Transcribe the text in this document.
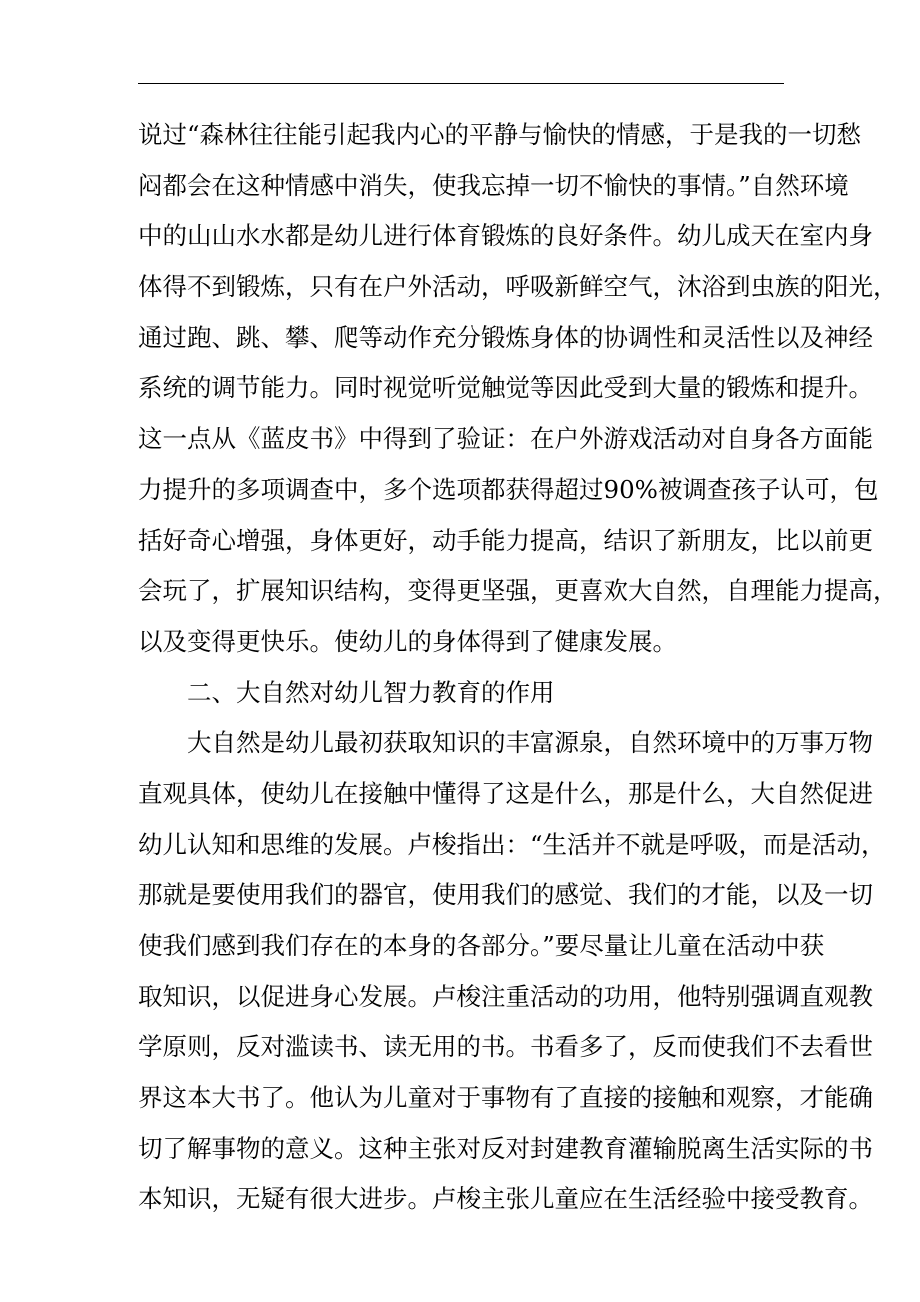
说过“森林往往能引起我内心的平静与愉快的情感，于是我的一切愁
闷都会在这种情感中消失，使我忘掉一切不愉快的事情。”自然环境
中的山山水水都是幼儿进行体育锻炼的良好条件。幼儿成天在室内身
体得不到锻炼，只有在户外活动，呼吸新鲜空气，沐浴到虫族的阳光，
通过跑、跳、攀、爬等动作充分锻炼身体的协调性和灵活性以及神经
系统的调节能力。同时视觉听觉触觉等因此受到大量的锻炼和提升。
这一点从《蓝皮书》中得到了验证：在户外游戏活动对自身各方面能
力提升的多项调查中，多个选项都获得超过90%被调查孩子认可，包
括好奇心增强，身体更好，动手能力提高，结识了新朋友，比以前更
会玩了，扩展知识结构，变得更坚强，更喜欢大自然，自理能力提高，
以及变得更快乐。使幼儿的身体得到了健康发展。
二、大自然对幼儿智力教育的作用
大自然是幼儿最初获取知识的丰富源泉，自然环境中的万事万物
直观具体，使幼儿在接触中懂得了这是什么，那是什么，大自然促进
幼儿认知和思维的发展。卢梭指出：“生活并不就是呼吸，而是活动，
那就是要使用我们的器官，使用我们的感觉、我们的才能，以及一切
使我们感到我们存在的本身的各部分。”要尽量让儿童在活动中获
取知识，以促进身心发展。卢梭注重活动的功用，他特别强调直观教
学原则，反对滥读书、读无用的书。书看多了，反而使我们不去看世
界这本大书了。他认为儿童对于事物有了直接的接触和观察，才能确
切了解事物的意义。这种主张对反对封建教育灌输脱离生活实际的书
本知识，无疑有很大进步。卢梭主张儿童应在生活经验中接受教育。
